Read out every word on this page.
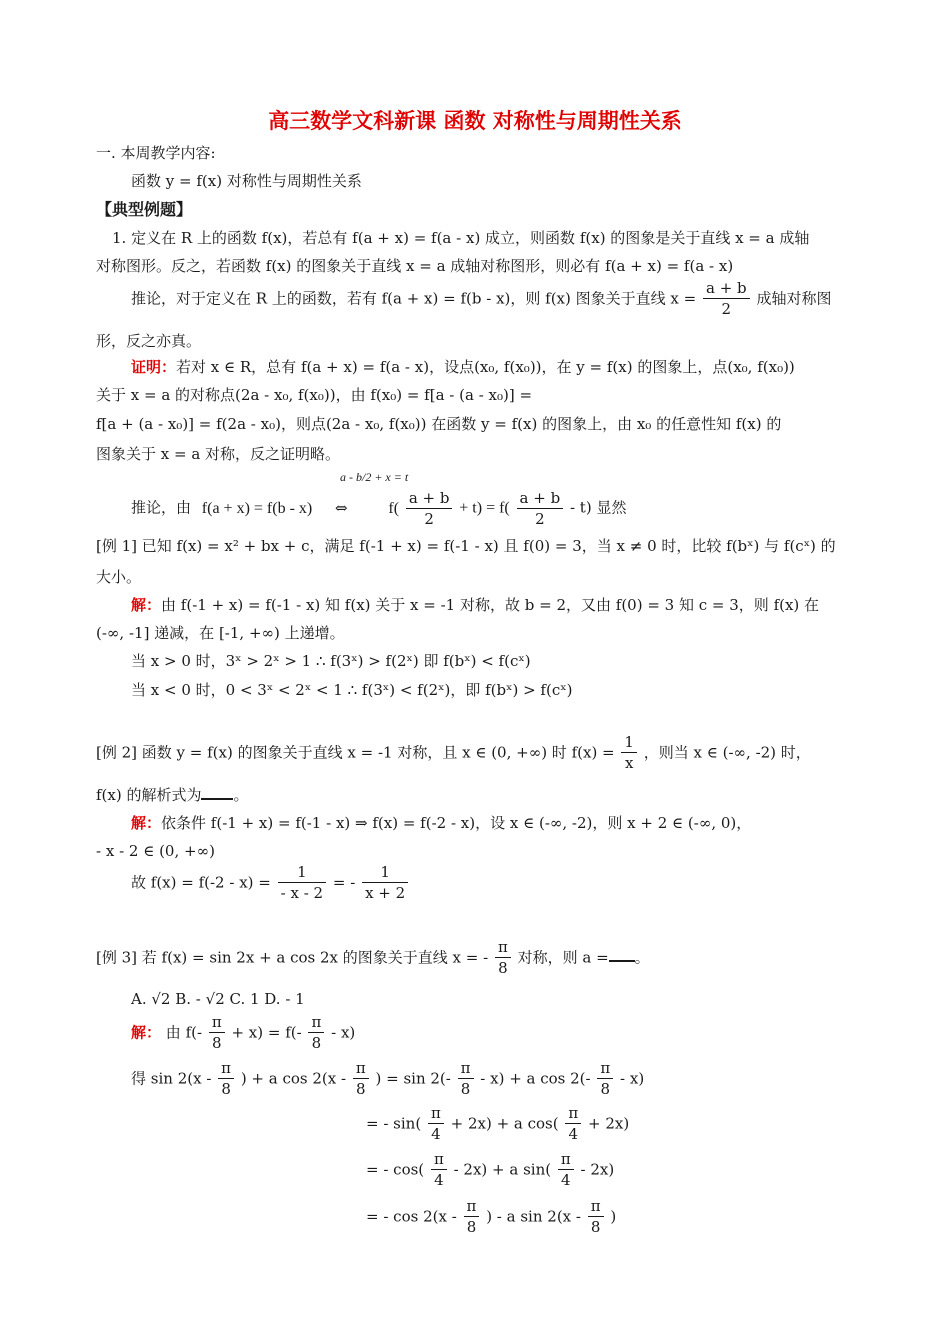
高三数学文科新课 函数 对称性与周期性关系
一. 本周教学内容:
函数 y = f(x) 对称性与周期性关系
【典型例题】
1. 定义在 R 上的函数 f(x)，若总有 f(a + x) = f(a - x) 成立，则函数 f(x) 的图象是关于直线 x = a 成轴
对称图形。反之，若函数 f(x) 的图象关于直线 x = a 成轴对称图形，则必有 f(a + x) = f(a - x)
推论，对于定义在 R 上的函数，若有 f(a + x) = f(b - x)，则 f(x) 图象关于直线 $x = \frac{a + b}{2}$ 成轴对称图
形，反之亦真。
证明：若对 x ∈ R，总有 f(a + x) = f(a - x)，设点(x₀, f(x₀))，在 y = f(x) 的图象上，点(x₀, f(x₀))
关于 x = a 的对称点(2a - x₀, f(x₀))，由 f(x₀) = f[a - (a - x₀)] =
f[a + (a - x₀)] = f(2a - x₀)，则点(2a - x₀, f(x₀)) 在函数 y = f(x) 的图象上，由 x₀ 的任意性知 f(x) 的
图象关于 x = a 对称，反之证明略。
a - b/2 + x = t
推论，由 f(a + x) = f(b - x) ⇔	$f( \frac{a + b}{2} + t) = f( \frac{a + b}{2} - t)$ 显然
[例 1] 已知 f(x) = x² + bx + c，满足 f(-1 + x) = f(-1 - x) 且 f(0) = 3，当 x ≠ 0 时，比较 f(bˣ) 与 f(cˣ) 的
大小。
解：由 f(-1 + x) = f(-1 - x) 知 f(x) 关于 x = -1 对称，故 b = 2，又由 f(0) = 3 知 c = 3，则 f(x) 在
(-∞, -1] 递减，在 [-1, +∞) 上递增。
当 x > 0 时，3ˣ > 2ˣ > 1 ∴ f(3ˣ) > f(2ˣ) 即 f(bˣ) < f(cˣ)
当 x < 0 时，0 < 3ˣ < 2ˣ < 1 ∴ f(3ˣ) < f(2ˣ)，即 f(bˣ) > f(cˣ)
[例 2] 函数 y = f(x) 的图象关于直线 x = -1 对称，且 x ∈ (0, +∞) 时 $f(x) = \frac{1}{x}$ ，则当 x ∈ (-∞, -2) 时，
f(x) 的解析式为 。
解：依条件 f(-1 + x) = f(-1 - x) ⇒ f(x) = f(-2 - x)，设 x ∈ (-∞, -2)，则 x + 2 ∈ (-∞, 0)，
- x - 2 ∈ (0, +∞)
故 $f(x) = f(-2 - x) = \frac{1}{- x - 2}$ = - $\frac{1}{x + 2}$
[例 3] 若 f(x) = sin 2x + a cos 2x 的图象关于直线 x = - $\frac{\pi}{8}$ 对称，则 a = 。
A. √2 B. - √2 C. 1 D. - 1
解： 由 $f(- \frac{\pi}{8} + x) = f(- \frac{\pi}{8} - x)$
得 $\sin 2(x - \frac{\pi}{8}$ ) + a $\cos 2(x - \frac{\pi}{8}$ ) = $\sin 2(- \frac{\pi}{8} - x) + a$ $\cos 2(- \frac{\pi}{8} - x)$
= - $\sin( \frac{\pi}{4} + 2x) + a$ $\cos( \frac{\pi}{4} + 2x)$
= - $\cos( \frac{\pi}{4} - 2x) + a$ $\sin( \frac{\pi}{4} - 2x)$
= - $\cos 2(x - \frac{\pi}{8}$ ) - a $\sin 2(x - \frac{\pi}{8}$ )
